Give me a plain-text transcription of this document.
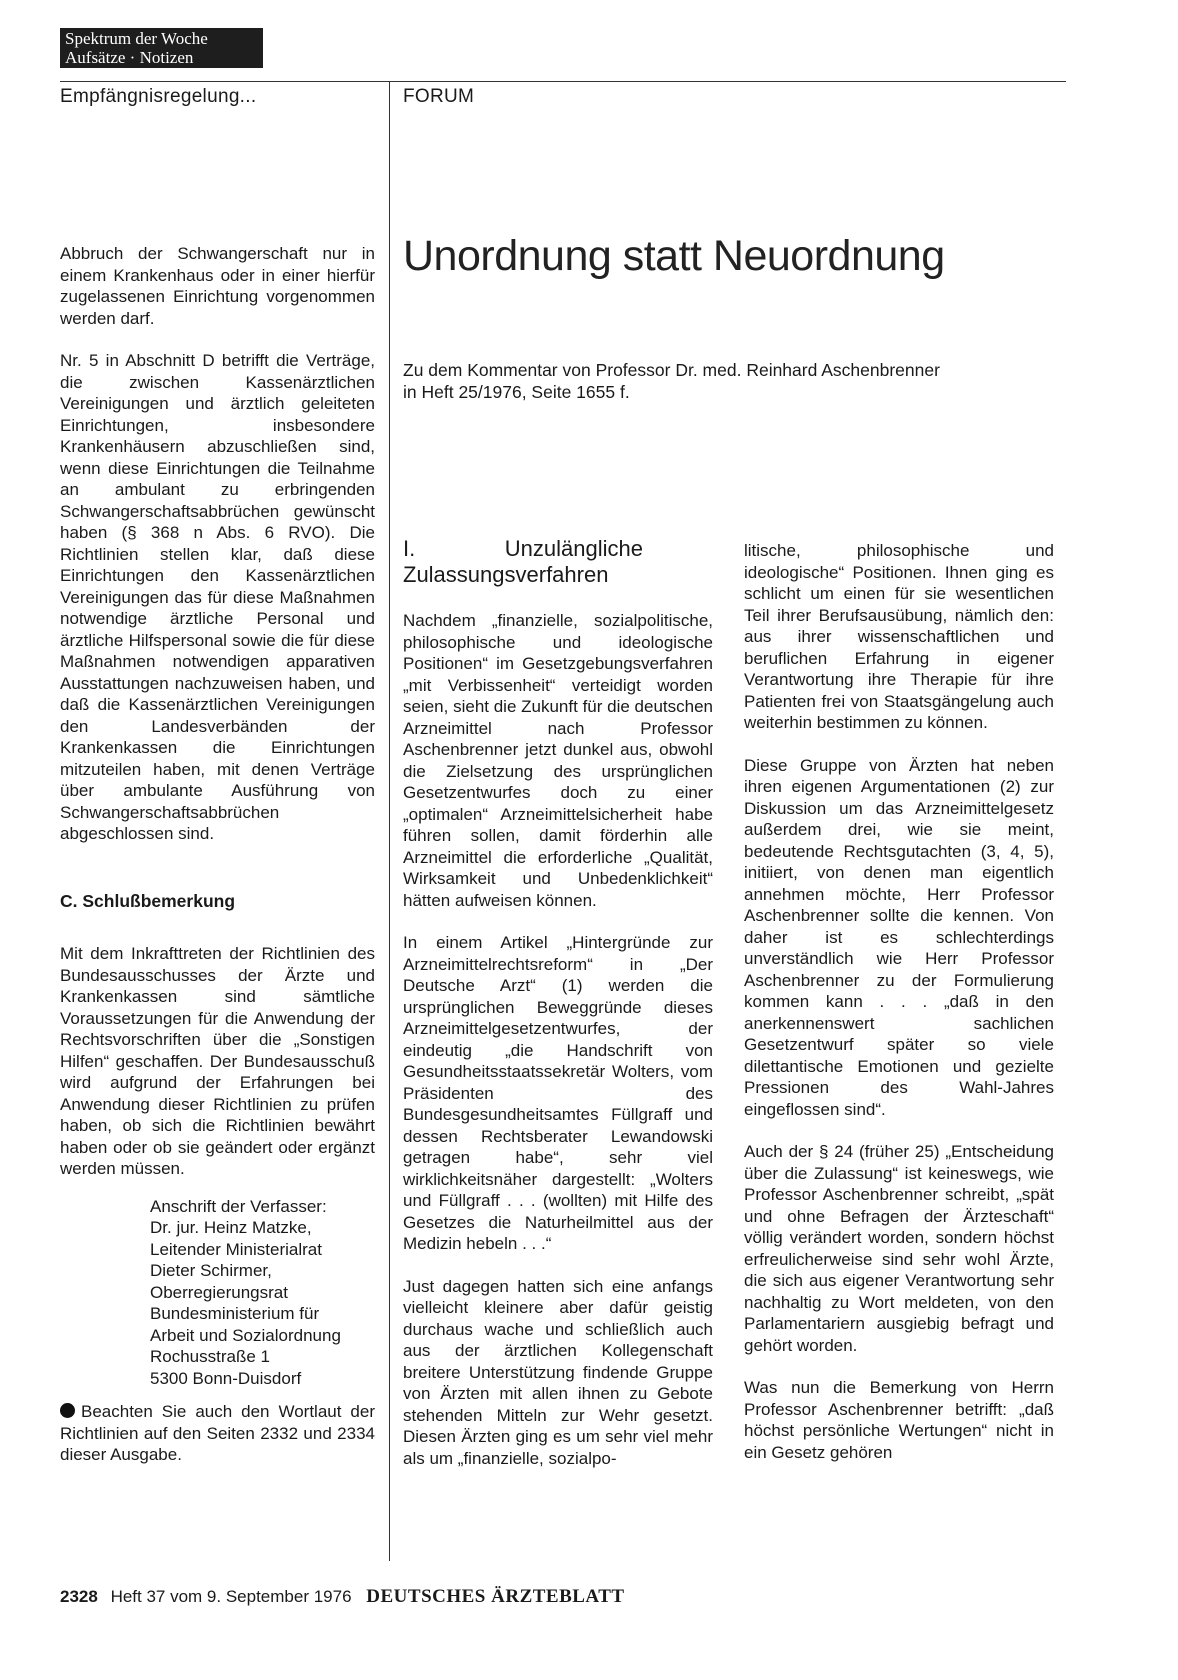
Spektrum der Woche
Aufsätze · Notizen
Empfängnisregelung...	FORUM
Unordnung statt Neuordnung
Zu dem Kommentar von Professor Dr. med. Reinhard Aschenbrenner
in Heft 25/1976, Seite 1655 f.

Abbruch der Schwangerschaft nur in einem Krankenhaus oder in einer hierfür zugelassenen Einrichtung vorgenommen werden darf.

Nr. 5 in Abschnitt D betrifft die Verträge, die zwischen Kassenärztlichen Vereinigungen und ärztlich geleiteten Einrichtungen, insbesondere Krankenhäusern abzuschließen sind, wenn diese Einrichtungen die Teilnahme an ambulant zu erbringenden Schwangerschaftsabbrüchen gewünscht haben (§ 368 n Abs. 6 RVO). Die Richtlinien stellen klar, daß diese Einrichtungen den Kassenärztlichen Vereinigungen das für diese Maßnahmen notwendige ärztliche Personal und ärztliche Hilfspersonal sowie die für diese Maßnahmen notwendigen apparativen Ausstattungen nachzuweisen haben, und daß die Kassenärztlichen Vereinigungen den Landesverbänden der Krankenkassen die Einrichtungen mitzuteilen haben, mit denen Verträge über ambulante Ausführung von Schwangerschaftsabbrüchen abgeschlossen sind.

C. Schlußbemerkung

Mit dem Inkrafttreten der Richtlinien des Bundesausschusses der Ärzte und Krankenkassen sind sämtliche Voraussetzungen für die Anwendung der Rechtsvorschriften über die „Sonstigen Hilfen“ geschaffen. Der Bundesausschuß wird aufgrund der Erfahrungen bei Anwendung dieser Richtlinien zu prüfen haben, ob sich die Richtlinien bewährt haben oder ob sie geändert oder ergänzt werden müssen.

Anschrift der Verfasser:
Dr. jur. Heinz Matzke,
Leitender Ministerialrat
Dieter Schirmer,
Oberregierungsrat
Bundesministerium für
Arbeit und Sozialordnung
Rochusstraße 1
5300 Bonn-Duisdorf

Beachten Sie auch den Wortlaut der Richtlinien auf den Seiten 2332 und 2334 dieser Ausgabe.

I. Unzulängliche Zulassungsverfahren

Nachdem „finanzielle, sozialpolitische, philosophische und ideologische Positionen“ im Gesetzgebungsverfahren „mit Verbissenheit“ verteidigt worden seien, sieht die Zukunft für die deutschen Arzneimittel nach Professor Aschenbrenner jetzt dunkel aus, obwohl die Zielsetzung des ursprünglichen Gesetzentwurfes doch zu einer „optimalen“ Arzneimittelsicherheit habe führen sollen, damit förderhin alle Arzneimittel die erforderliche „Qualität, Wirksamkeit und Unbedenklichkeit“ hätten aufweisen können.

In einem Artikel „Hintergründe zur Arzneimittelrechtsreform“ in „Der Deutsche Arzt“ (1) werden die ursprünglichen Beweggründe dieses Arzneimittelgesetzentwurfes, der eindeutig „die Handschrift von Gesundheitsstaatssekretär Wolters, vom Präsidenten des Bundesgesundheitsamtes Füllgraff und dessen Rechtsberater Lewandowski getragen habe“, sehr viel wirklichkeitsnäher dargestellt: „Wolters und Füllgraff . . . (wollten) mit Hilfe des Gesetzes die Naturheilmittel aus der Medizin hebeln . . .“

Just dagegen hatten sich eine anfangs vielleicht kleinere aber dafür geistig durchaus wache und schließlich auch aus der ärztlichen Kollegenschaft breitere Unterstützung findende Gruppe von Ärzten mit allen ihnen zu Gebote stehenden Mitteln zur Wehr gesetzt. Diesen Ärzten ging es um sehr viel mehr als um „finanzielle, sozialpo-

litische, philosophische und ideologische“ Positionen. Ihnen ging es schlicht um einen für sie wesentlichen Teil ihrer Berufsausübung, nämlich den: aus ihrer wissenschaftlichen und beruflichen Erfahrung in eigener Verantwortung ihre Therapie für ihre Patienten frei von Staatsgängelung auch weiterhin bestimmen zu können.

Diese Gruppe von Ärzten hat neben ihren eigenen Argumentationen (2) zur Diskussion um das Arzneimittelgesetz außerdem drei, wie sie meint, bedeutende Rechtsgutachten (3, 4, 5), initiiert, von denen man eigentlich annehmen möchte, Herr Professor Aschenbrenner sollte die kennen. Von daher ist es schlechterdings unverständlich wie Herr Professor Aschenbrenner zu der Formulierung kommen kann . . . „daß in den anerkennenswert sachlichen Gesetzentwurf später so viele dilettantische Emotionen und gezielte Pressionen des Wahl-Jahres eingeflossen sind“.

Auch der § 24 (früher 25) „Entscheidung über die Zulassung“ ist keineswegs, wie Professor Aschenbrenner schreibt, „spät und ohne Befragen der Ärzteschaft“ völlig verändert worden, sondern höchst erfreulicherweise sind sehr wohl Ärzte, die sich aus eigener Verantwortung sehr nachhaltig zu Wort meldeten, von den Parlamentariern ausgiebig befragt und gehört worden.

Was nun die Bemerkung von Herrn Professor Aschenbrenner betrifft: „daß höchst persönliche Wertungen“ nicht in ein Gesetz gehören

2328 Heft 37 vom 9. September 1976 DEUTSCHES ÄRZTEBLATT
